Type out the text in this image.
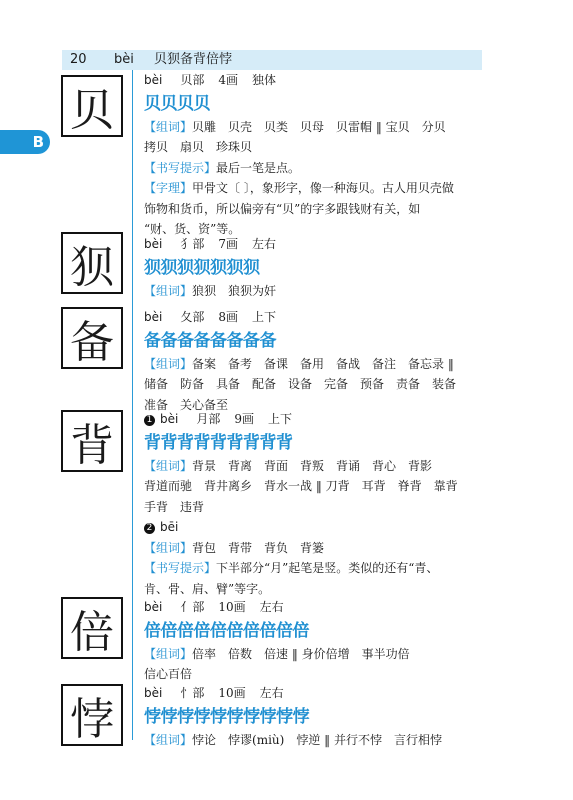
20 bèi 贝狈备背倍悖
B
贝
狈
备
背
倍
悖
bèi 贝部 4画 独体
贝贝贝贝
【组词】贝雕　贝壳　贝类　贝母　贝雷帽 ‖ 宝贝　分贝
拷贝　扇贝　珍珠贝
【书写提示】最后一笔是点。
【字理】甲骨文〔 〕，象形字，像一种海贝。古人用贝壳做
饰物和货币，所以偏旁有“贝”的字多跟钱财有关，如
“财、货、资”等。
bèi 犭部 7画 左右
狈狈狈狈狈狈狈
【组词】狼狈　狼狈为奸
bèi 夂部 8画 上下
备备备备备备备备
【组词】备案　备考　备课　备用　备战　备注　备忘录 ‖
储备　防备　具备　配备　设备　完备　预备　责备　装备
准备　关心备至
1 bèi 月部 9画 上下
背背背背背背背背背
【组词】背景　背离　背面　背叛　背诵　背心　背影
背道而驰　背井离乡　背水一战 ‖ 刀背　耳背　脊背　靠背
手背　违背
2 bēi
【组词】背包　背带　背负　背篓
【书写提示】下半部分“月”起笔是竖。类似的还有“青、
肯、骨、肩、臂”等字。
bèi 亻部 10画 左右
倍倍倍倍倍倍倍倍倍倍
【组词】倍率　倍数　倍速 ‖ 身价倍增　事半功倍
信心百倍
bèi 忄部 10画 左右
悖悖悖悖悖悖悖悖悖悖
【组词】悖论　悖谬(miù)　悖逆 ‖ 并行不悖　言行相悖
